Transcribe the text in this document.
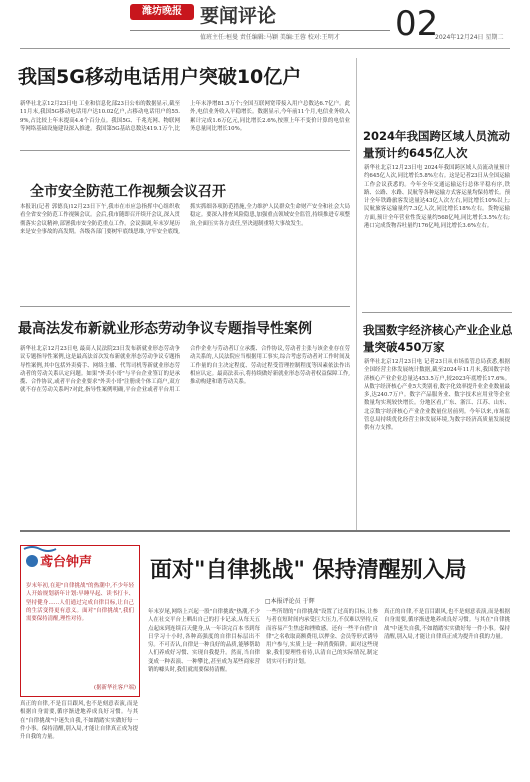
潍坊晚报 要闻评论	02
值班主任:桓曼 责任编辑:马颖 美编:王蓉 校对:王明才	2024年12月24日 星期二
我国5G移动电话用户突破10亿户
新华社北京12月23日电 工业和信息化部23日公布的数据显示,截至11月末,我国5G移动电话用户达10.02亿户,占移动电话用户的55.9%,占比较上年末提高4.4个百分点。我国5G、千兆光网、物联网等网络基础设施建设深入推进。我国第5G基站总数达419.1万个,比上年末净增81.5万个;全国互联网宽带接入用户总数达6.7亿户。此外,电信业务收入平稳增长。数据显示,今年前11个月,电信业务收入累计完成1.6万亿元,同比增长2.6%,按照上年不变价计算的电信业务总量同比增长10%。
全市安全防范工作视频会议召开
本报讯(记者 郭德良)12月23日下午,我市在市应急指挥中心组织收看全省安全防范工作视频会议。会后,我市随即召开续开会议,深入贯彻落实会议精神,部署我市安全防范重点工作。会议强调,年末岁尾历来是安全事故的高发期。各级各部门要树牢底线思维,守牢安全底线,抓实抓细各项防范措施,全力维护人民群众生命财产安全和社会大局稳定。要深入排查风险隐患,加强重点领域安全监管,持续推进专项整治,全面压实各方责任,坚决遏制重特大事故发生。
最高法发布新就业形态劳动争议专题指导性案例
新华社北京12月23日电 最高人民法院23日发布新就业形态劳动争议专题指导性案例,这是最高法首次发布新就业形态劳动争议专题指导性案例,其中包括外卖骑手、网络主播、代驾司机等新就业形态劳动者的劳动关系认定问题。如果"外卖小哥"与平台企业签订的是承揽、合作协议,或者平台企业要求"外卖小哥"注册成个体工商户,双方就不存在劳动关系吗?对此,指导性案例明确,平台企业或者平台用工合作企业与劳动者订立承揽、合作协议,劳动者主张与该企业存在劳动关系的,人民法院应当根据用工事实,综合考虑劳动者对工作时间及工作量的自主决定程度、劳动过程受管理控制程度等因素依法作出相应认定。最高法表示,将持续做好新就业形态劳动者权益保障工作,推动构建和谐劳动关系。
2024年我国跨区域人员流动量预计约645亿人次
新华社北京12月23日电 2024年我国跨区域人员流动量预计约645亿人次,同比增长5.8%左右。这是记者23日从全国运输工作会议获悉的。今年全年交通运输运行总体平稳有序,铁路、公路、水路、民航等各种运输方式客运量均保持增长。预计全年铁路旅客发送量达43亿人次左右,同比增长10%以上;民航旅客运输量约7.3亿人次,同比增长18%左右。货物运输方面,预计全年营业性货运量约568亿吨,同比增长3.5%左右;港口完成货物吞吐量约176亿吨,同比增长3.6%左右。
我国数字经济核心产业企业总量突破450万家
新华社北京12月23日电 记者23日从市场监管总局获悉,根据全国经营主体发展统计数据,截至2024年11月末,我国数字经济核心产业企业总量达453.5万户,较2023年底增长17.6%。从数字经济核心产业5大类别看,数字化效率提升业企业数量最多,达240.7万户。数字产品服务业、数字技术应用业等企业数量均实现较快增长。分地区看,广东、浙江、江苏、山东、北京数字经济核心产业企业数量位居前列。今年以来,市场监管总局持续优化经营主体发展环境,为数字经济高质量发展提供有力支撑。
鸢台钟声
岁末年初,在迎"自律挑战"的热潮中,不少年轻人开始规划新年计划:早睡早起、读书打卡、坚持健身……人们通过完成自律目标,让自己的生活变得更有意义。面对"自律挑战",我们需要保持清醒,理性对待。
(据新华社客户端)
面对"自律挑战" 保持清醒别入局
□本报评论员 于辉
年末岁尾,网络上兴起一股"自律挑战"热潮,不少人在社交平台上晒出自己的打卡记录,从每天五点起床到连续百天健身,从一年读完百本书到每日学习十小时,各种高强度的自律目标层出不穷。不可否认,自律是一种良好的品质,能够帮助人们养成好习惯、实现自我提升。然而,当自律变成一种表演、一种攀比,甚至成为某些商家营销的噱头时,我们就需要保持清醒。
一些所谓的"自律挑战"设置了过高的目标,让参与者在短时间内承受巨大压力,不仅难以坚持,反而容易产生焦虑和挫败感。还有一些平台借"自律"之名收取高额费用,以押金、会员等形式诱导用户参与,实质上是一种消费陷阱。面对这些现象,我们要理性看待,认清自己的实际情况,制定切实可行的计划。
真正的自律,不是盲目跟风,也不是刻意表演,而是根据自身需要,循序渐进地养成良好习惯。与其在"自律挑战"中迷失自我,不如踏踏实实做好每一件小事。保持清醒,别入局,才能让自律真正成为提升自我的力量。
真正的自律,不是盲目跟风,也不是刻意表演,而是根据自身需要,循序渐进地养成良好习惯。与其在"自律挑战"中迷失自我,不如踏踏实实做好每一件小事。保持清醒,别入局,才能让自律真正成为提升自我的力量。
